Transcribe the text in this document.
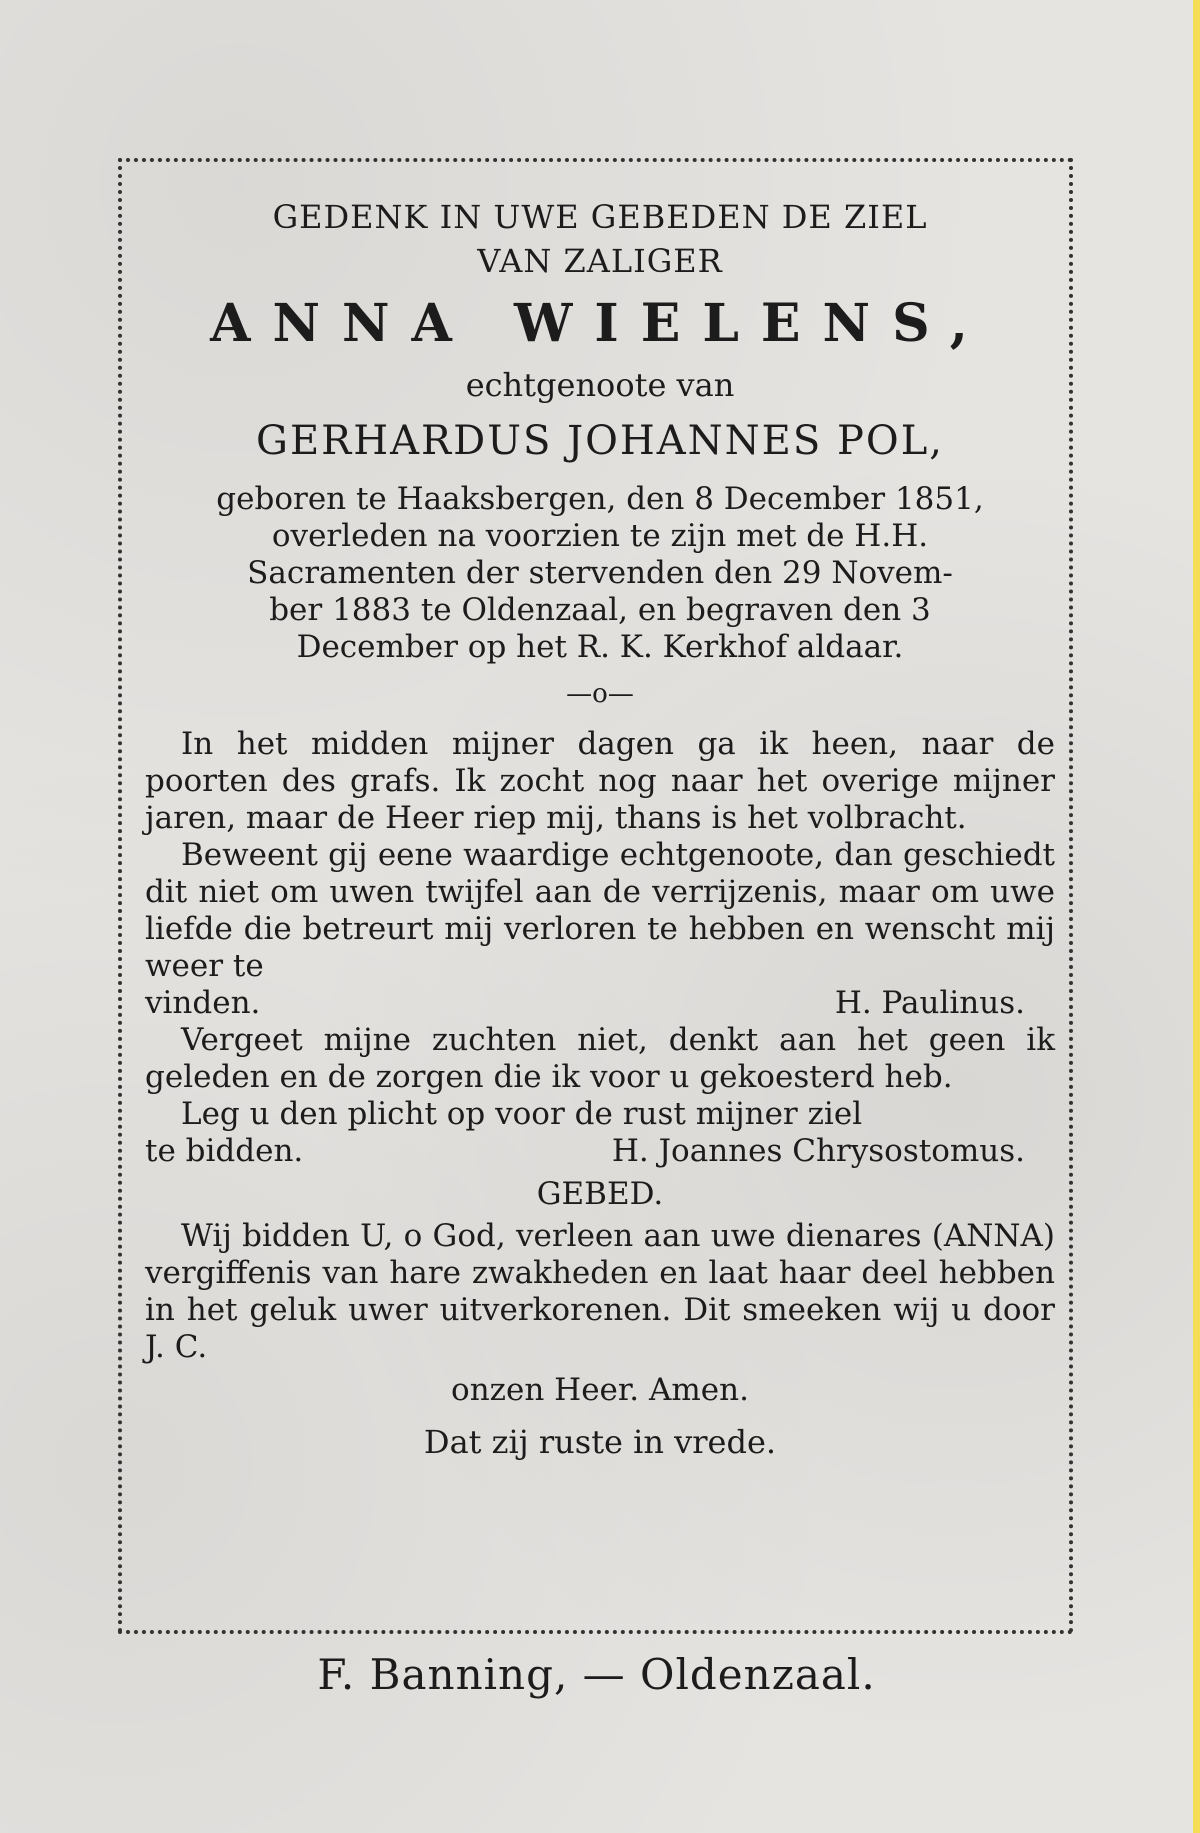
GEDENK IN UWE GEBEDEN DE ZIEL

VAN ZALIGER

ANNA WIELENS,

echtgenoote van

GERHARDUS JOHANNES POL,

geboren te Haaksbergen, den 8 December 1851,

overleden na voorzien te zijn met de H.H.

Sacramenten der stervenden den 29 Novem-

ber 1883 te Oldenzaal, en begraven den 3

December op het R. K. Kerkhof aldaar.

—o—

In het midden mijner dagen ga ik heen, naar de poorten des grafs. Ik zocht nog naar het overige mijner jaren, maar de Heer riep mij, thans is het volbracht.

Beweent gij eene waardige echtgenoote, dan geschiedt dit niet om uwen twijfel aan de verrijzenis, maar om uwe liefde die betreurt mij verloren te hebben en wenscht mij weer te

vinden.	H. Paulinus.

Vergeet mijne zuchten niet, denkt aan het geen ik geleden en de zorgen die ik voor u gekoesterd heb.

Leg u den plicht op voor de rust mijner ziel

te bidden.	H. Joannes Chrysostomus.

GEBED.

Wij bidden U, o God, verleen aan uwe dienares (ANNA) vergiffenis van hare zwakheden en laat haar deel hebben in het geluk uwer uitverkorenen. Dit smeeken wij u door J. C.

onzen Heer. Amen.

Dat zij ruste in vrede.

F. Banning, — Oldenzaal.
